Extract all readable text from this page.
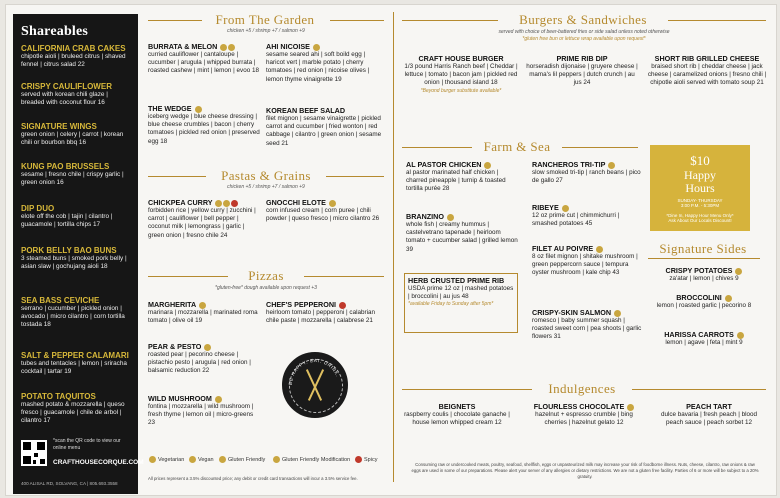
Shareables
CALIFORNIA CRAB CAKES
chipotle aioli | bruleed citrus | shaved fennel | citrus salad 22
CRISPY CAULIFLOWER
served with korean chili glaze | breaded with coconut flour 16
SIGNATURE WINGS
green onion | celery | carrot | korean chili or bourbon bbq 16
KUNG PAO BRUSSELS
sesame | fresno chile | crispy garlic | green onion 16
DIP DUO
elote off the cob | tajin | cilantro | guacamole | tortilla chips 17
PORK BELLY BAO BUNS
3 steamed buns | smoked pork belly | asian slaw | gochujang aioli 18
SEA BASS CEVICHE
serrano | cucumber | pickled onion | avocado | micro cilantro | corn tortilla tostada 18
SALT & PEPPER CALAMARI
tubes and tentacles | lemon | sriracha cocktail | tartar 19
POTATO TAQUITOS
mashed potato & mozzarella | queso fresco | guacamole | chile de arbol | cilantro 17
*scan the QR code to view our online menu
CRAFTHOUSECORQUE.COM
400 ALISAL RD, SOLVANG, CA | 805.693.3558
From The Garden
chicken +5 / shrimp +7 / salmon +9
BURRATA & MELON
curried cauliflower | cantaloupe | cucumber | arugula | whipped burrata | roasted cashew | mint | lemon | evoo 18
THE WEDGE
iceberg wedge | blue cheese dressing | blue cheese crumbles | bacon | cherry tomatoes | pickled red onion | preserved egg 18
AHI NICOISE
sesame seared ahi | soft boild egg | haricot vert | marble potato | cherry tomatoes | red onion | nicoise olives | lemon thyme vinaigrette 19
KOREAN BEEF SALAD
filet mignon | sesame vinaigrette | pickled carrot and cucumber | fried wonton | red cabbage | cilantro | green onion | sesame seed 21
Pastas & Grains
chicken +5 / shrimp +7 / salmon +9
CHICKPEA CURRY
forbidden rice | yellow curry | zucchini | carrot | cauliflower | bell pepper | coconut milk | lemongrass | garlic | green onion | fresno chile 24
GNOCCHI ELOTE
corn infused cream | corn puree | chili powder | queso fresco | micro cilantro 26
Pizzas
*gluten-free* dough available upon request +3
MARGHERITA
marinara | mozzarella | marinated roma tomato | olive oil 19
PEAR & PESTO
roasted pear | pecorino cheese | pistachio pesto | arugula | red onion | balsamic reduction 22
WILD MUSHROOM
fontina | mozzarella | wild mushroom | fresh thyme | lemon oil | micro-greens 23
CHEF'S PEPPERONI
heirloom tomato | pepperoni | calabrian chile paste | mozzarella | calabrese 21
BE HAPPY. EAT. DRINK.
Vegetarian	Vegan	Gluten Friendly	Gluten Friendly Modification	Spicy
All prices represent a 3.5% discounted price; any debit or credit card transactions will incur a 3.5% service fee.
Burgers & Sandwiches
served with choice of beer-battered fries or side salad unless noted otherwise
*gluten free bun or lettuce wrap available upon request*
CRAFT HOUSE BURGER
1/3 pound Harris Ranch beef | Cheddar | lettuce | tomato | bacon jam | pickled red onion | thousand island 18
*Beyond burger substitute available*
PRIME RIB DIP
horseradish dijonaise | gruyere cheese | mama's lil peppers | dutch crunch | au jus 24
SHORT RIB GRILLED CHEESE
braised short rib | cheddar cheese | jack cheese | caramelized onions | fresno chili | chipotle aioli served with tomato soup 21
Farm & Sea
AL PASTOR CHICKEN
al pastor marinated half chicken | charred pineapple | turnip & toasted tortilla purée 28
BRANZINO
whole fish | creamy hummus | castelvetrano tapenade | heirloom tomato + cucumber salad | grilled lemon 39
HERB CRUSTED PRIME RIB
USDA prime 12 oz | mashed potatoes | broccolini | au jus 48
*available Friday to Sunday after 5pm*
RANCHEROS TRI-TIP
slow smoked tri-tip | ranch beans | pico de gallo 27
RIBEYE
12 oz prime cut | chimmichurri | smashed potatoes 45
FILET AU POIVRE
8 oz filet mignon | shitake mushroom | green peppercorn sauce | tempura oyster mushroom | kale chip 43
CRISPY-SKIN SALMON
romesco | baby summer squash | roasted sweet corn | pea shoots | garlic flowers 31
$10
Happy
Hours
SUNDAY- THURSDAY
3:00 P.M. - 5:30PM
*Dine In, Happy Hour Menu Only*
Ask About Our Locals Discount!
Signature Sides
CRISPY POTATOES
za'atar | lemon | chives 9
BROCCOLINI
lemon | roasted garlic | pecorino 8
HARISSA CARROTS
lemon | agave | feta | mint 9
Indulgences
BEIGNETS
raspberry coulis | chocolate ganache | house lemon whipped cream 12
FLOURLESS CHOCOLATE
hazelnut + espresso crumble | bing cherries | hazelnut gelato 12
PEACH TART
dulce bavaria | fresh peach | blood peach sauce | peach sorbet 12
Consuming raw or undercooked meats, poultry, seafood, shellfish, eggs or unpasteurized milk may increase your risk of foodborne illness. Nuts, cheese, cilantro, raw onions & raw eggs are used in some of our preparations. Please alert your server of any allergies or dietary restrictions. We are not a gluten free facility. Parties of 6 or more will be subject to a 20% gratuity.
